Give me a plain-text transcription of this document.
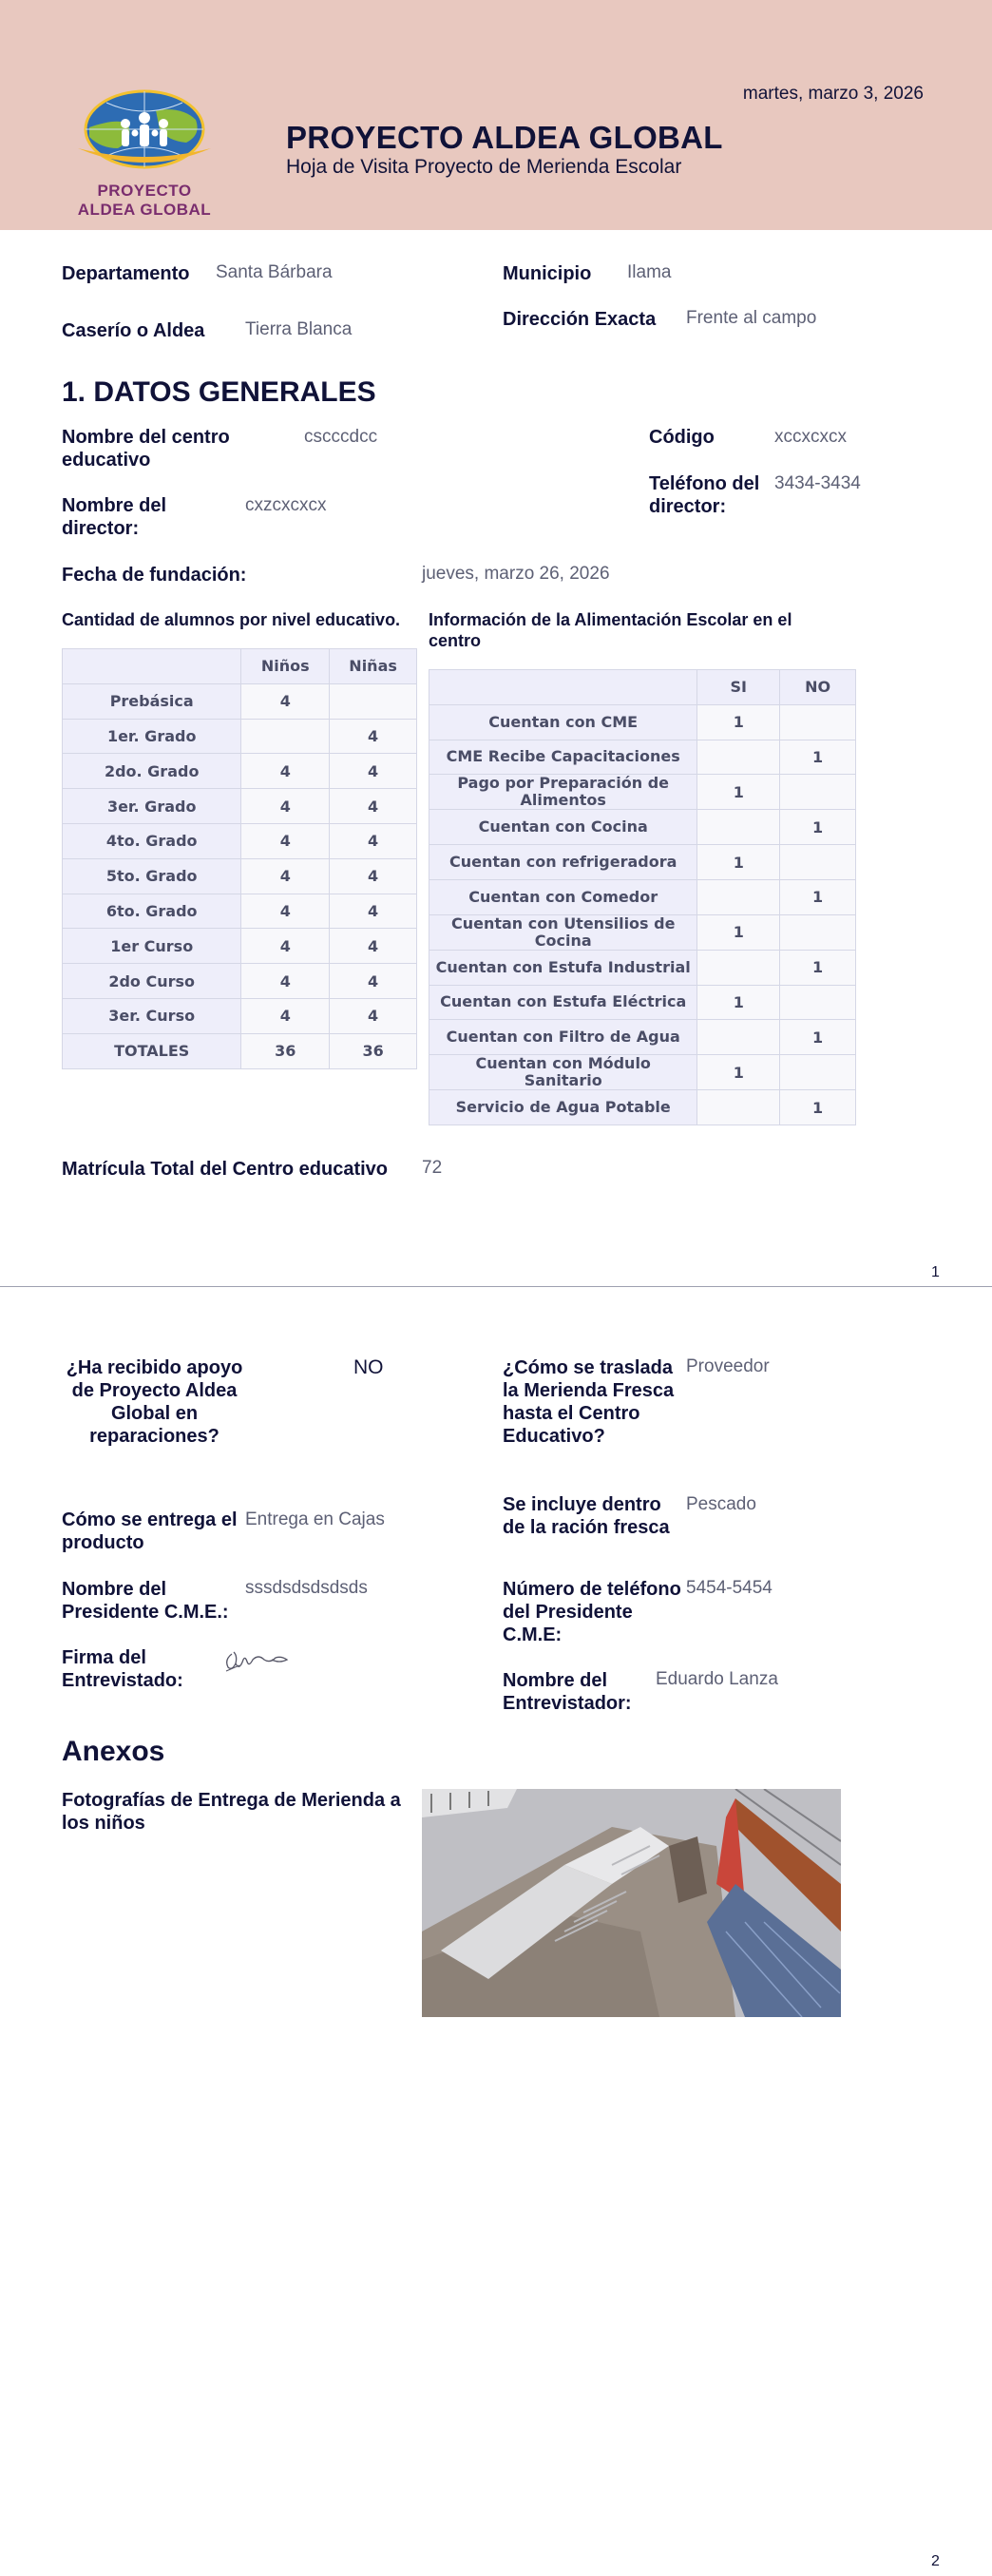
PROYECTO
ALDEA GLOBAL
PROYECTO ALDEA GLOBAL
Hoja de Visita Proyecto de Merienda Escolar
martes, marzo 3, 2026
Departamento Santa Bárbara	Municipio Ilama
Caserío o Aldea Tierra Blanca	Dirección Exacta Frente al campo
1. DATOS GENERALES
Nombre del centro educativo
cscccdcc	Código	xccxcxcx
Nombre del director:
cxzcxcxcx
Teléfono del director:
3434-3434
Fecha de fundación:	jueves, marzo 26, 2026
Cantidad de alumnos por nivel educativo.
	Niños	Niñas
Prebásica	4	
1er. Grado		4
2do. Grado	4	4
3er. Grado	4	4
4to. Grado	4	4
5to. Grado	4	4
6to. Grado	4	4
1er Curso	4	4
2do Curso	4	4
3er. Curso	4	4
TOTALES	36	36
Información de la Alimentación Escolar en el centro
	SI	NO
Cuentan con CME	1	
CME Recibe Capacitaciones		1
Pago por Preparación de Alimentos	1	
Cuentan con Cocina		1
Cuentan con refrigeradora	1	
Cuentan con Comedor		1
Cuentan con Utensilios de Cocina	1	
Cuentan con Estufa Industrial		1
Cuentan con Estufa Eléctrica	1	
Cuentan con Filtro de Agua		1
Cuentan con Módulo Sanitario	1	
Servicio de Agua Potable		1
Matrícula Total del Centro educativo 72
1
¿Ha recibido apoyo de Proyecto Aldea Global en reparaciones?
NO	¿Cómo se traslada la Merienda Fresca hasta el Centro Educativo?
Proveedor
Cómo se entrega el producto
Entrega en Cajas
Se incluye dentro de la ración fresca
Pescado
Nombre del Presidente C.M.E.:
sssdsdsdsdsds	Número de teléfono del Presidente C.M.E:
5454-5454
Firma del Entrevistado:	Nombre del Entrevistador:
Eduardo Lanza
Anexos
Fotografías de Entrega de Merienda a los niños
2
